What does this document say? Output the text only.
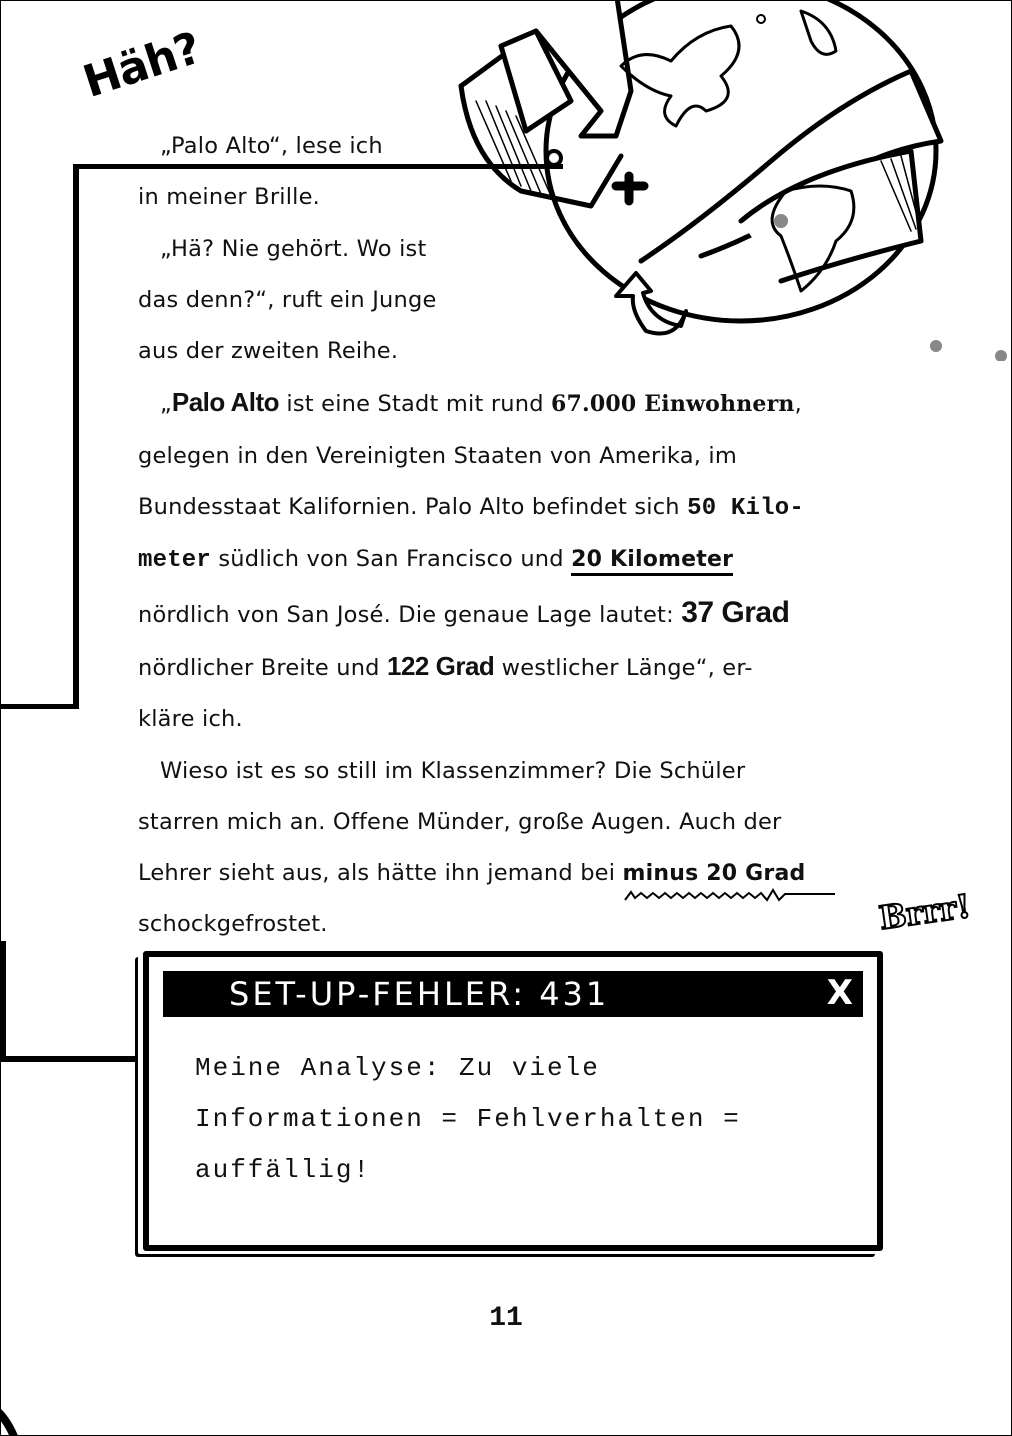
Häh?

„Palo Alto“, lese ich

in meiner Brille.

„Hä? Nie gehört. Wo ist

das denn?“, ruft ein Junge

aus der zweiten Reihe.

„Palo Alto ist eine Stadt mit rund 67.000 Einwohnern,

gelegen in den Vereinigten Staaten von Amerika, im

Bundesstaat Kalifornien. Palo Alto befindet sich 50 Kilo-

meter südlich von San Francisco und 20 Kilometer

nördlich von San José. Die genaue Lage lautet: 37 Grad

nördlicher Breite und 122 Grad westlicher Länge“, er-

kläre ich.

Wieso ist es so still im Klassenzimmer? Die Schüler

starren mich an. Offene Münder, große Augen. Auch der

Lehrer sieht aus, als hätte ihn jemand bei minus 20 Grad

schockgefrostet.	Brrr!
SET-UP-FEHLER: 431	X

Meine Analyse: Zu viele

Informationen = Fehlverhalten =

auffällig!

11
